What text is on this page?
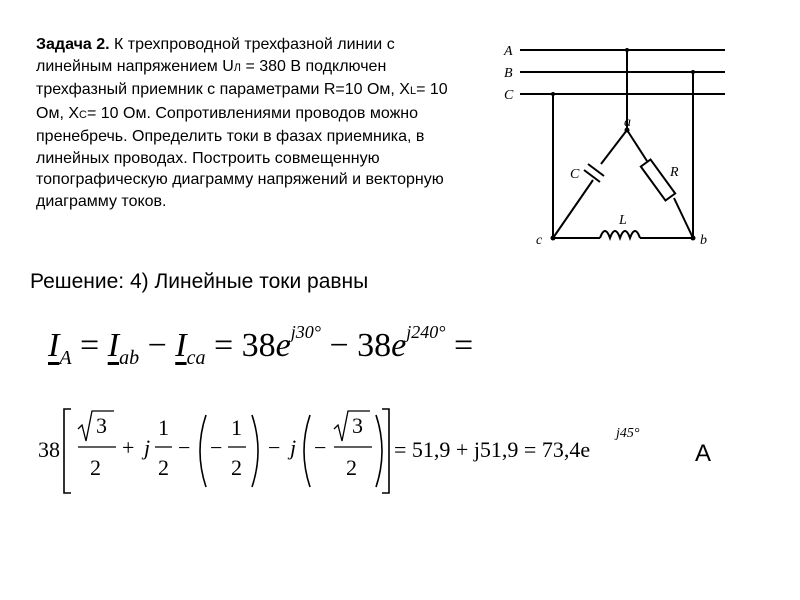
Задача 2. К трехпроводной трехфазной линии с линейным напряжением UЛ = 380 В подключен трехфазный приемник с параметрами R=10 Ом, XL= 10 Ом, XC= 10 Ом. Сопротивлениями проводов можно пренебречь. Определить токи в фазах приемника, в линейных проводах. Построить совмещенную топографическую диаграмму напряжений и векторную диаграмму токов.

A
B
C
a
b
c
C	R
L
Решение: 4) Линейные токи равны
$I_A = I_{ab} - I_{ca} = 38e^{j30^\circ} - 38e^{j240^\circ}$ =
38
3
2
+ j
1
2
− −
1
2
− j −
3
2
= 51,9 + j51,9 = 73,4e
j45°
А
